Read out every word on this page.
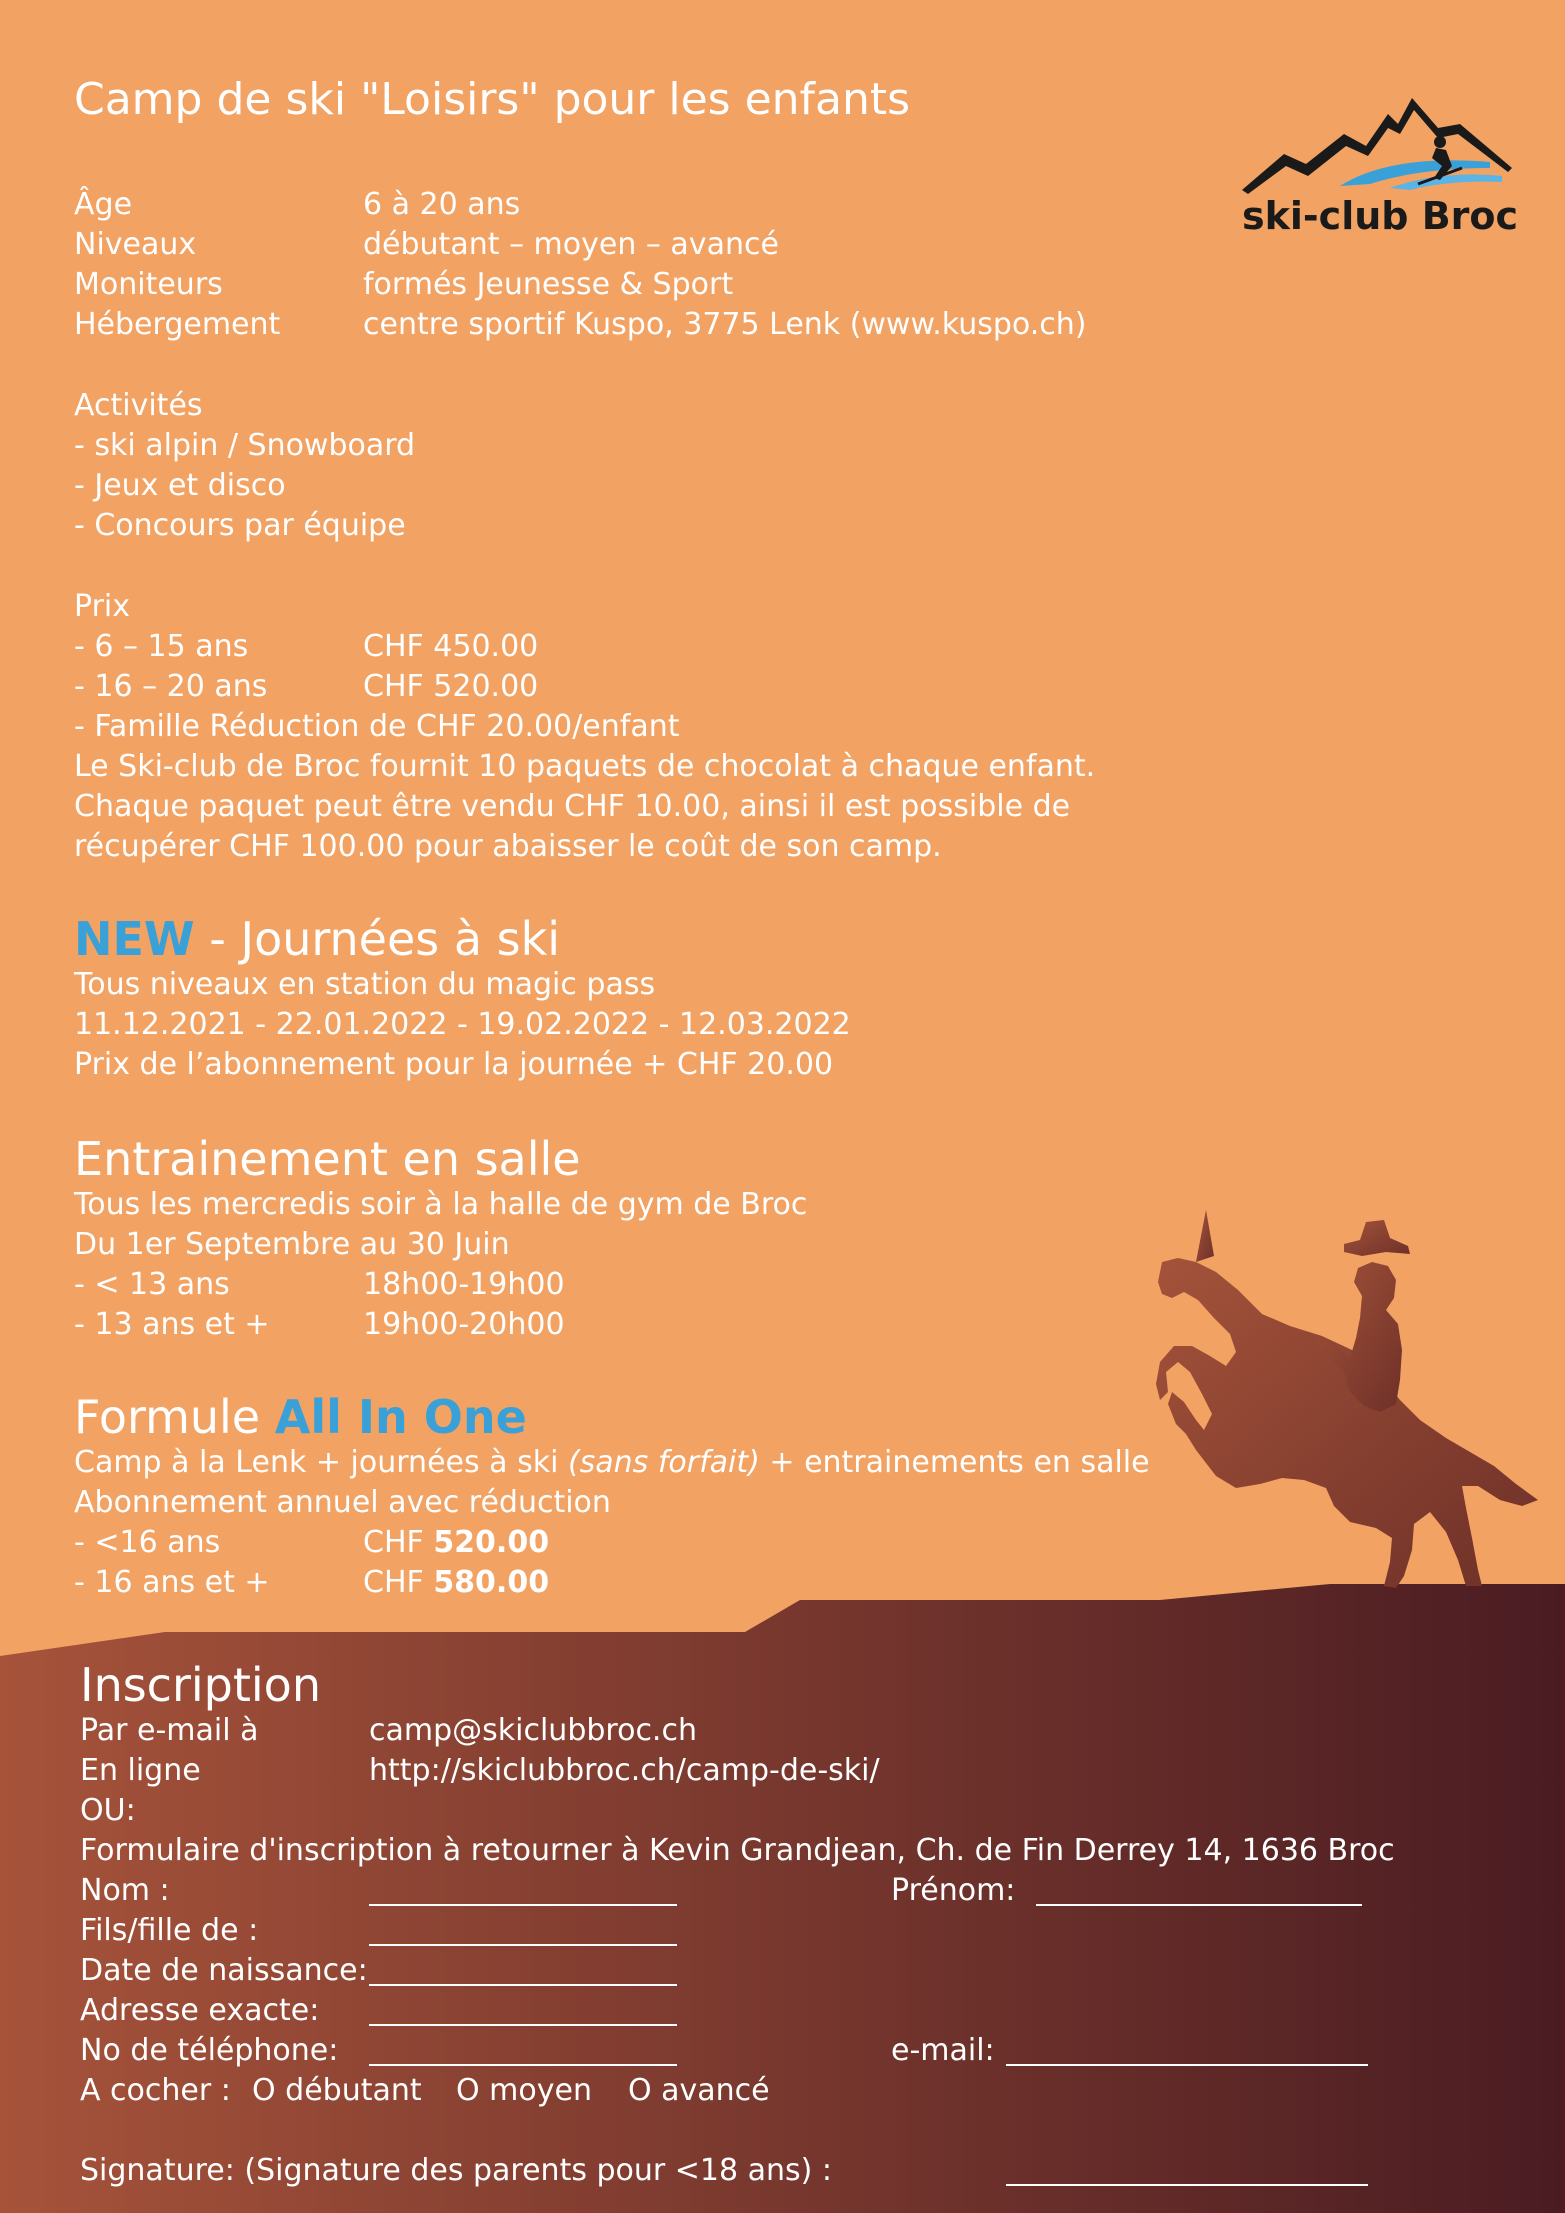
ski-club Broc
Camp de ski "Loisirs" pour les enfants
Âge	6 à 20 ans
Niveaux	débutant – moyen – avancé
Moniteurs	formés Jeunesse & Sport
Hébergement	centre sportif Kuspo, 3775 Lenk (www.kuspo.ch)
Activités
- ski alpin / Snowboard
- Jeux et disco
- Concours par équipe
Prix
- 6 – 15 ans	CHF 450.00
- 16 – 20 ans	CHF 520.00
- Famille Réduction de CHF 20.00/enfant
Le Ski-club de Broc fournit 10 paquets de chocolat à chaque enfant.
Chaque paquet peut être vendu CHF 10.00, ainsi il est possible de
récupérer CHF 100.00 pour abaisser le coût de son camp.
NEW - Journées à ski
Tous niveaux en station du magic pass
11.12.2021 - 22.01.2022 - 19.02.2022 - 12.03.2022
Prix de l’abonnement pour la journée + CHF 20.00
Entrainement en salle
Tous les mercredis soir à la halle de gym de Broc
Du 1er Septembre au 30 Juin
- < 13 ans	18h00-19h00
- 13 ans et +	19h00-20h00
Formule All In One
Camp à la Lenk + journées à ski (sans forfait) + entrainements en salle
Abonnement annuel avec réduction
- <16 ans	CHF 520.00
- 16 ans et +	CHF 580.00
Inscription
Par e-mail à	camp@skiclubbroc.ch
En ligne	http://skiclubbroc.ch/camp-de-ski/
OU:
Formulaire d'inscription à retourner à Kevin Grandjean, Ch. de Fin Derrey 14, 1636 Broc
Nom :	Prénom:
Fils/fille de :
Date de naissance:
Adresse exacte:
No de téléphone:	e-mail:
A cocher : O débutant O moyen O avancé
Signature: (Signature des parents pour <18 ans) :
